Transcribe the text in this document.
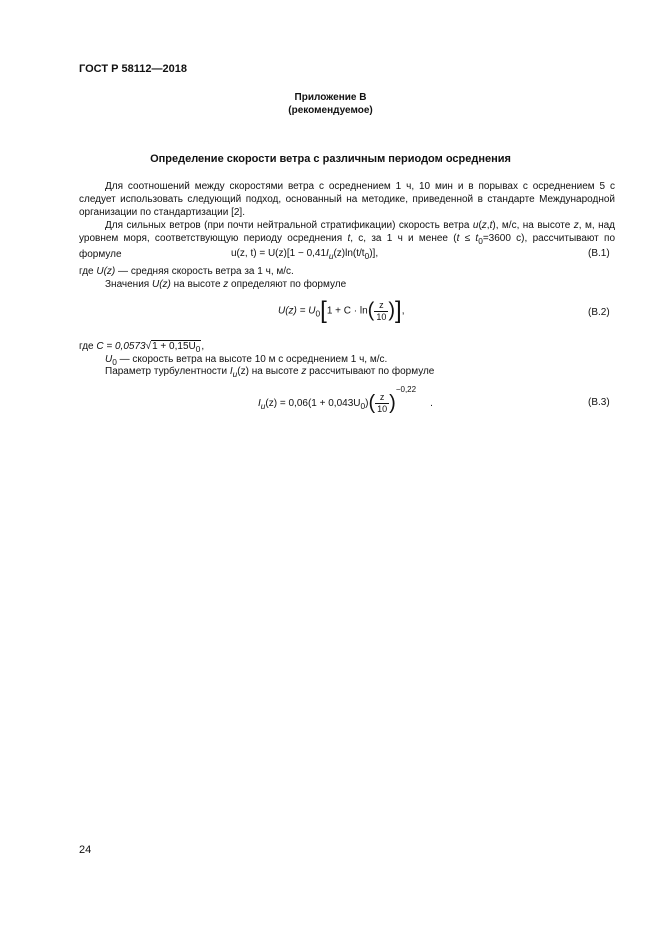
ГОСТ Р 58112—2018
Приложение В
(рекомендуемое)
Определение скорости ветра с различным периодом осреднения
Для соотношений между скоростями ветра с осреднением 1 ч, 10 мин и в порывах с осреднением 5 с следует использовать следующий подход, основанный на методике, приведенной в стандарте Международной организации по стандартизации [2].
Для сильных ветров (при почти нейтральной стратификации) скорость ветра u(z,t), м/с, на высоте z, м, над уровнем моря, соответствующую периоду осреднения t, с, за 1 ч и менее ($t \le t_0=3600$ с), рассчитывают по формуле	u(z, $t) = U(z)[1 - 0,41I_u(z)\ln(t/t_0)]$,	(В.1)
где U(z) — средняя скорость ветра за 1 ч, м/с.
Значения U(z) на высоте z определяют по формуле
$U(z) = U_0[1 + C \cdot \ln( \frac{z}{10}$ )],	(В.2)
где $C = 0,0573√1 + 0,15U_0$,
$U_0$ — скорость ветра на высоте 10 м с осреднением 1 ч, м/с.
Параметр турбулентности $I_u(z)$ на высоте z рассчитывают по формуле
$I_u(z) = 0,06(1 + 0,043U_0)( \frac{z}{10} )^{-0,22}$.	(В.3)
24
